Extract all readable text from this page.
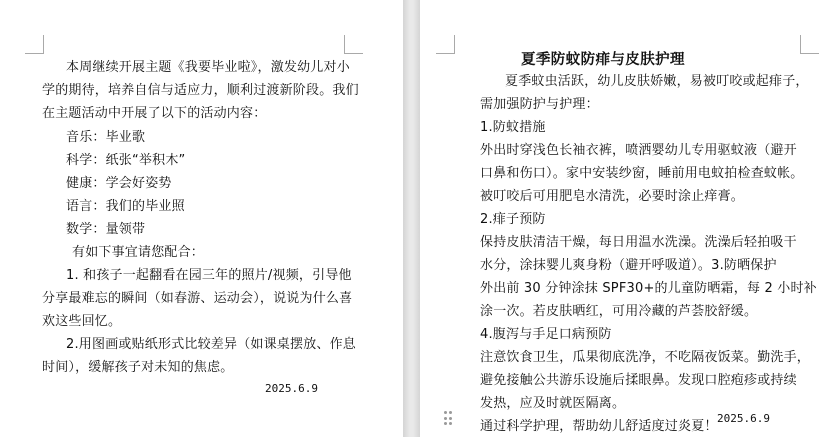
本周继续开展主题《我要毕业啦》，激发幼儿对小
学的期待，培养自信与适应力，顺利过渡新阶段。我们
在主题活动中开展了以下的活动内容：
音乐：毕业歌
科学：纸张“举积木”
健康：学会好姿势
语言：我们的毕业照
数学：量领带
有如下事宜请您配合：
1. 和孩子一起翻看在园三年的照片/视频，引导他
分享最难忘的瞬间（如春游、运动会），说说为什么喜
欢这些回忆。
2.用图画或贴纸形式比较差异（如课桌摆放、作息
时间），缓解孩子对未知的焦虑。
2025.6.9
夏季防蚊防痱与皮肤护理
夏季蚊虫活跃，幼儿皮肤娇嫩，易被叮咬或起痱子，
需加强防护与护理：
1.防蚊措施
外出时穿浅色长袖衣裤，喷洒婴幼儿专用驱蚊液（避开
口鼻和伤口）。家中安装纱窗，睡前用电蚊拍检查蚊帐。
被叮咬后可用肥皂水清洗，必要时涂止痒膏。
2.痱子预防
保持皮肤清洁干燥，每日用温水洗澡。洗澡后轻拍吸干
水分，涂抹婴儿爽身粉（避开呼吸道）。3.防晒保护
外出前 30 分钟涂抹 SPF30+的儿童防晒霜，每 2 小时补
涂一次。若皮肤晒红，可用冷藏的芦荟胶舒缓。
4.腹泻与手足口病预防
注意饮食卫生，瓜果彻底洗净，不吃隔夜饭菜。勤洗手，
避免接触公共游乐设施后揉眼鼻。发现口腔疱疹或持续
发热，应及时就医隔离。
通过科学护理，帮助幼儿舒适度过炎夏！
2025.6.9
